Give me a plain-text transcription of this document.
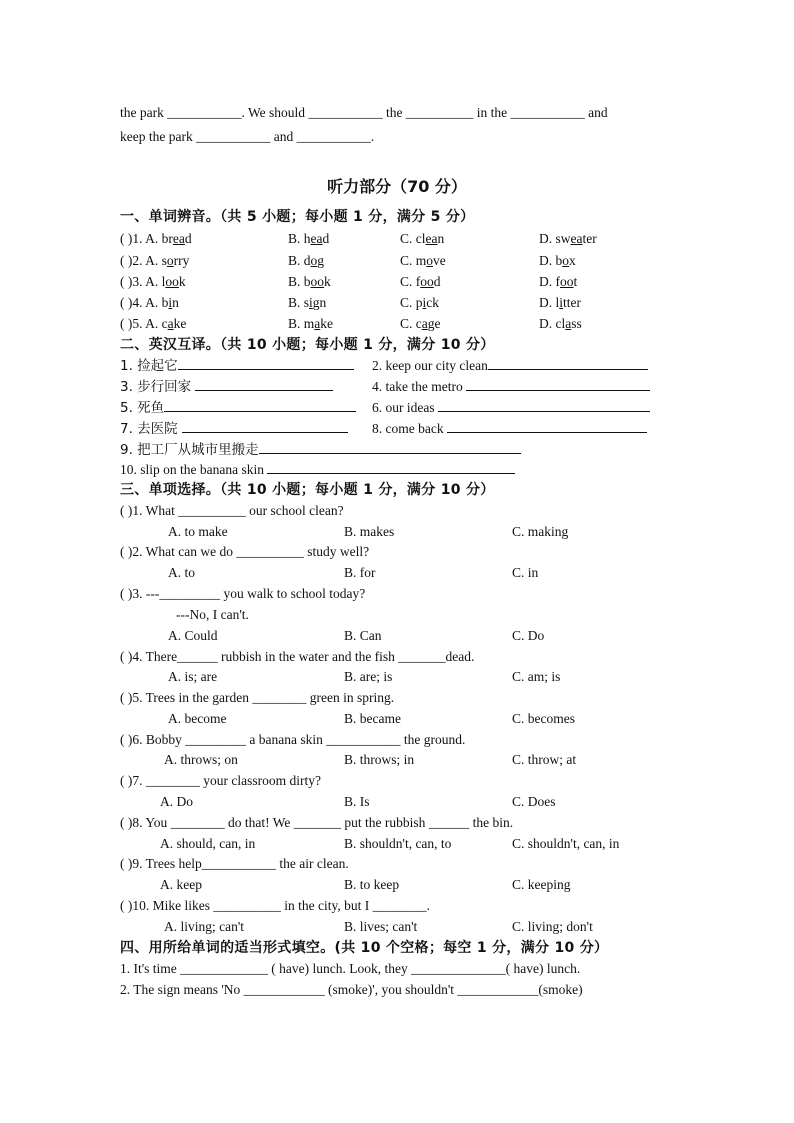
the park ___________. We should ___________ the __________ in the ___________ and
keep the park ___________ and ___________.
听力部分（70 分）
一、单词辨音。（共 5 小题；每小题 1 分，满分 5 分）
( )1. A. bread	B. head	C. clean	D. sweater
( )2. A. sorry	B. dog	C. move	D. box
( )3. A. look	B. book	C. food	D. foot
( )4. A. bin	B. sign	C. pick	D. litter
( )5. A. cake	B. make	C. cage	D. class
二、英汉互译。（共 10 小题；每小题 1 分，满分 10 分）
1. 捡起它	2. keep our city clean
3. 步行回家	4. take the metro
5. 死鱼	6. our ideas
7. 去医院	8. come back
9. 把工厂从城市里搬走
10. slip on the banana skin
三、单项选择。（共 10 小题；每小题 1 分，满分 10 分）
( )1. What __________ our school clean?
A. to make	B. makes	C. making
( )2. What can we do __________ study well?
A. to	B. for	C. in
( )3. ---_________ you walk to school today?
---No, I can't.
A. Could	B. Can	C. Do
( )4. There______ rubbish in the water and the fish _______dead.
A. is; are	B. are; is	C. am; is
( )5. Trees in the garden ________ green in spring.
A. become	B. became	C. becomes
( )6. Bobby _________ a banana skin ___________ the ground.
A. throws; on	B. throws; in	C. throw; at
( )7. ________ your classroom dirty?
A. Do	B. Is	C. Does
( )8. You ________ do that! We _______ put the rubbish ______ the bin.
A. should, can, in	B. shouldn't, can, to	C. shouldn't, can, in
( )9. Trees help___________ the air clean.
A. keep	B. to keep	C. keeping
( )10. Mike likes __________ in the city, but I ________.
A. living; can't	B. lives; can't	C. living; don't
四、用所给单词的适当形式填空。(共 10 个空格；每空 1 分，满分 10 分）
1. It's time _____________ ( have) lunch. Look, they ______________( have) lunch.
2. The sign means 'No ____________ (smoke)', you shouldn't ____________(smoke)
